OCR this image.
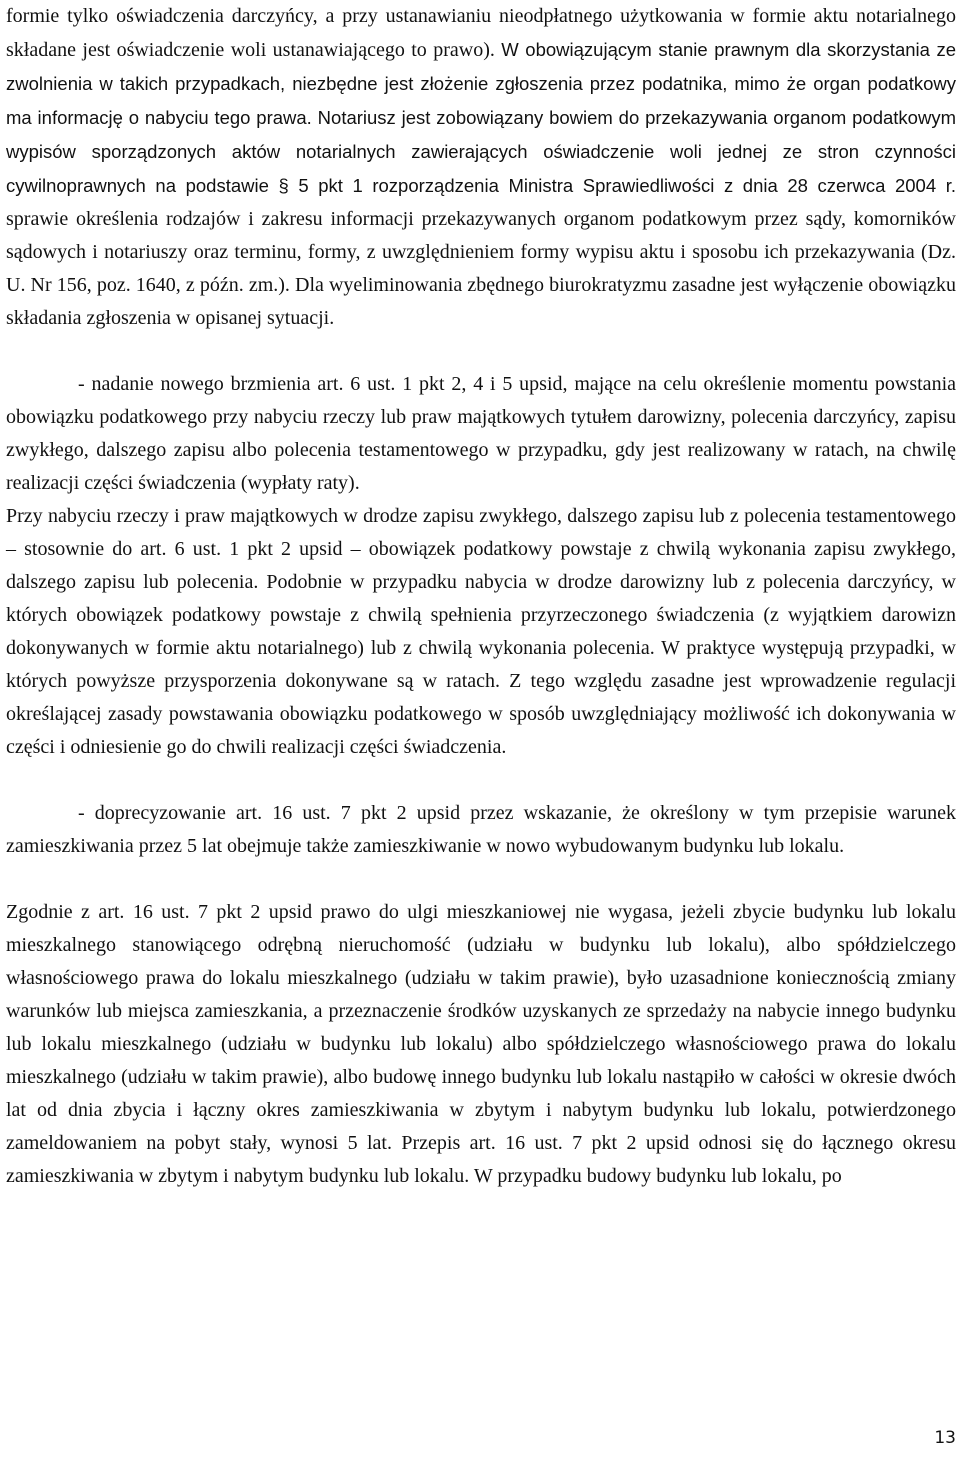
formie tylko oświadczenia darczyńcy, a przy ustanawianiu nieodpłatnego użytkowania w formie aktu notarialnego składane jest oświadczenie woli ustanawiającego to prawo). W obowiązującym stanie prawnym dla skorzystania ze zwolnienia w takich przypadkach, niezbędne jest złożenie zgłoszenia przez podatnika, mimo że organ podatkowy ma informację o nabyciu tego prawa. Notariusz jest zobowiązany bowiem do przekazywania organom podatkowym wypisów sporządzonych aktów notarialnych zawierających oświadczenie woli jednej ze stron czynności cywilnoprawnych na podstawie § 5 pkt 1 rozporządzenia Ministra Sprawiedliwości z dnia 28 czerwca 2004 r. sprawie określenia rodzajów i zakresu informacji przekazywanych organom podatkowym przez sądy, komorników sądowych i notariuszy oraz terminu, formy, z uwzględnieniem formy wypisu aktu i sposobu ich przekazywania (Dz. U. Nr 156, poz. 1640, z późn. zm.). Dla wyeliminowania zbędnego biurokratyzmu zasadne jest wyłączenie obowiązku składania zgłoszenia w opisanej sytuacji.

- nadanie nowego brzmienia art. 6 ust. 1 pkt 2, 4 i 5 upsid, mające na celu określenie momentu powstania obowiązku podatkowego przy nabyciu rzeczy lub praw majątkowych tytułem darowizny, polecenia darczyńcy, zapisu zwykłego, dalszego zapisu albo polecenia testamentowego w przypadku, gdy jest realizowany w ratach, na chwilę realizacji części świadczenia (wypłaty raty).

Przy nabyciu rzeczy i praw majątkowych w drodze zapisu zwykłego, dalszego zapisu lub z polecenia testamentowego – stosownie do art. 6 ust. 1 pkt 2 upsid – obowiązek podatkowy powstaje z chwilą wykonania zapisu zwykłego, dalszego zapisu lub polecenia. Podobnie w przypadku nabycia w drodze darowizny lub z polecenia darczyńcy, w których obowiązek podatkowy powstaje z chwilą spełnienia przyrzeczonego świadczenia (z wyjątkiem darowizn dokonywanych w formie aktu notarialnego) lub z chwilą wykonania polecenia. W praktyce występują przypadki, w których powyższe przysporzenia dokonywane są w ratach. Z tego względu zasadne jest wprowadzenie regulacji określającej zasady powstawania obowiązku podatkowego w sposób uwzględniający możliwość ich dokonywania w części i odniesienie go do chwili realizacji części świadczenia.

- doprecyzowanie art. 16 ust. 7 pkt 2 upsid przez wskazanie, że określony w tym przepisie warunek zamieszkiwania przez 5 lat obejmuje także zamieszkiwanie w nowo wybudowanym budynku lub lokalu.

Zgodnie z art. 16 ust. 7 pkt 2 upsid prawo do ulgi mieszkaniowej nie wygasa, jeżeli zbycie budynku lub lokalu mieszkalnego stanowiącego odrębną nieruchomość (udziału w budynku lub lokalu), albo spółdzielczego własnościowego prawa do lokalu mieszkalnego (udziału w takim prawie), było uzasadnione koniecznością zmiany warunków lub miejsca zamieszkania, a przeznaczenie środków uzyskanych ze sprzedaży na nabycie innego budynku lub lokalu mieszkalnego (udziału w budynku lub lokalu) albo spółdzielczego własnościowego prawa do lokalu mieszkalnego (udziału w takim prawie), albo budowę innego budynku lub lokalu nastąpiło w całości w okresie dwóch lat od dnia zbycia i łączny okres zamieszkiwania w zbytym i nabytym budynku lub lokalu, potwierdzonego zameldowaniem na pobyt stały, wynosi 5 lat. Przepis art. 16 ust. 7 pkt 2 upsid odnosi się do łącznego okresu zamieszkiwania w zbytym i nabytym budynku lub lokalu. W przypadku budowy budynku lub lokalu, po

13
